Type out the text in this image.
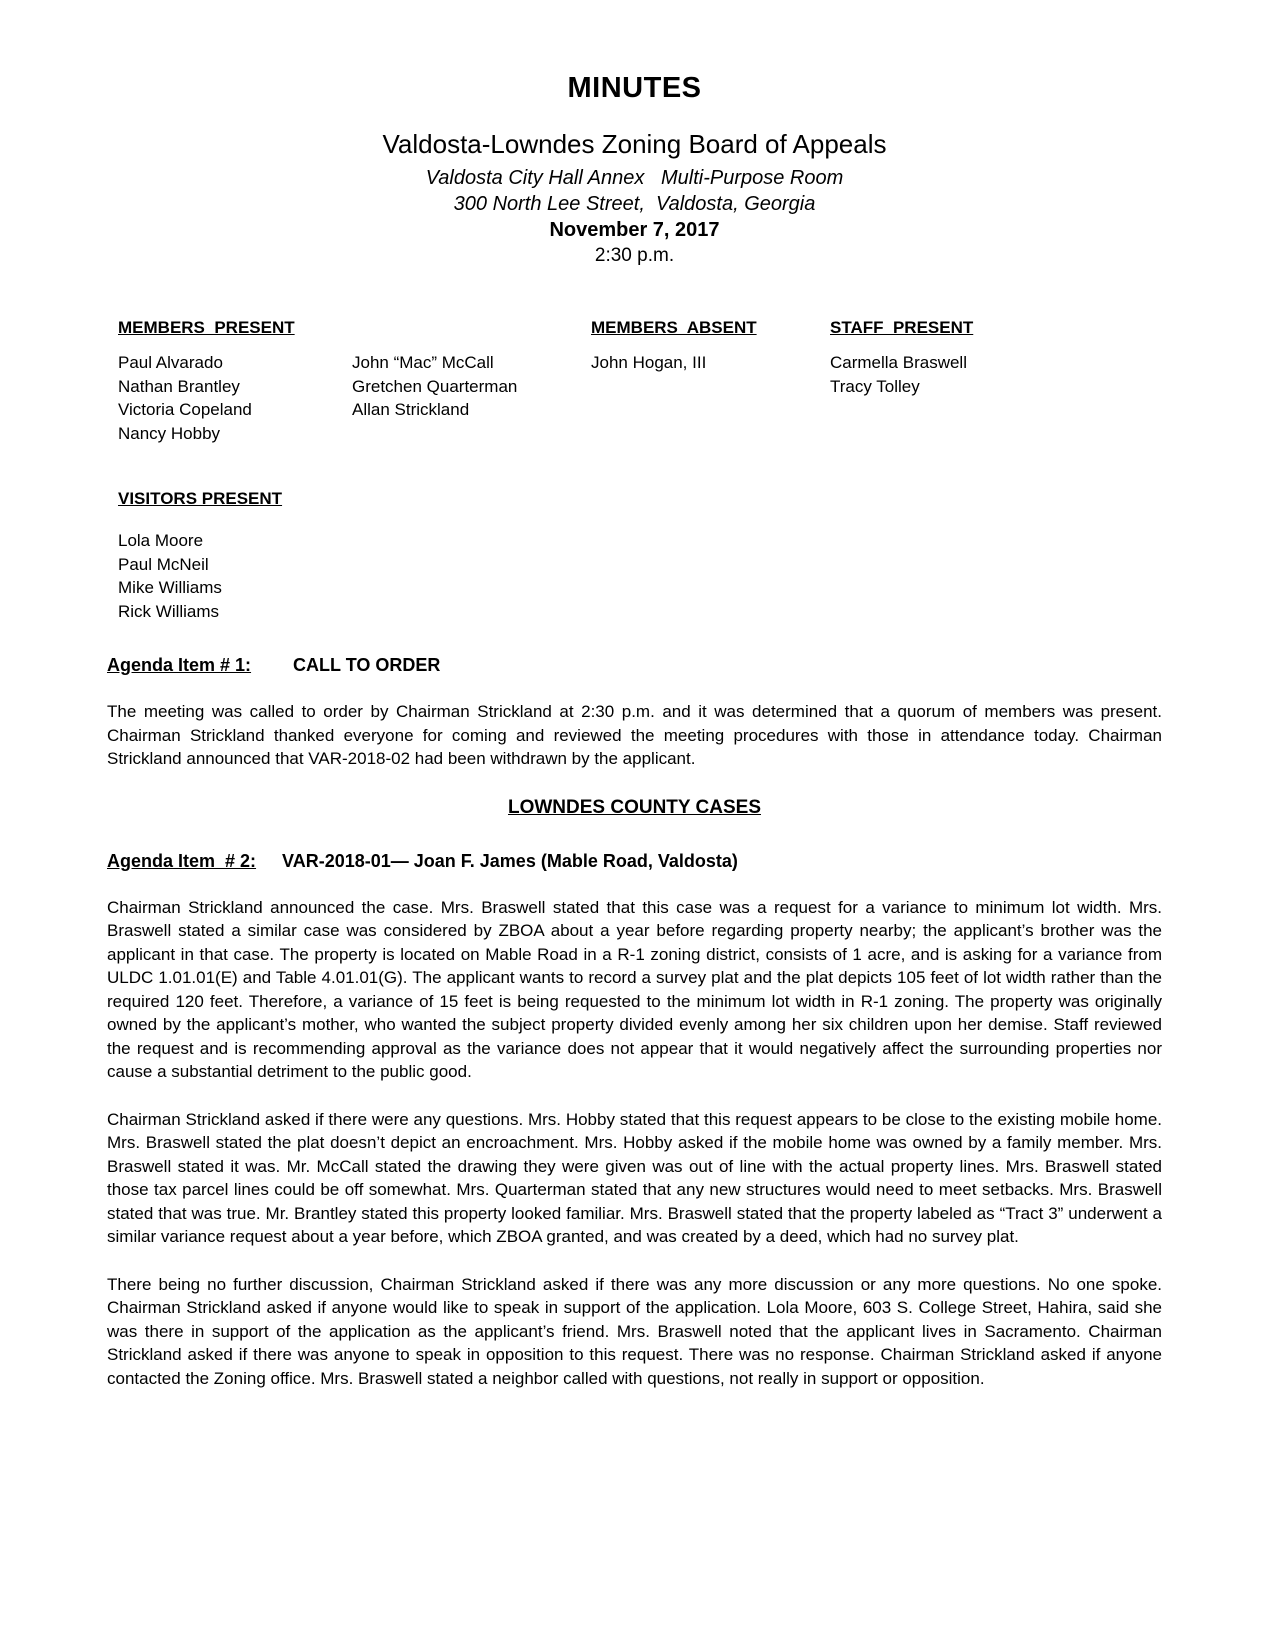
MINUTES
Valdosta-Lowndes Zoning Board of Appeals
Valdosta City Hall Annex   Multi-Purpose Room
300 North Lee Street,  Valdosta, Georgia
November 7, 2017
2:30 p.m.
MEMBERS  PRESENT
Paul Alvarado
Nathan Brantley
Victoria Copeland
Nancy Hobby
John “Mac” McCall
Gretchen Quarterman
Allan Strickland
MEMBERS  ABSENT
John Hogan, III
STAFF  PRESENT
Carmella Braswell
Tracy Tolley
VISITORS PRESENT
Lola Moore
Paul McNeil
Mike Williams
Rick Williams
Agenda Item # 1: CALL TO ORDER

The meeting was called to order by Chairman Strickland at 2:30 p.m. and it was determined that a quorum of members was present. Chairman Strickland thanked everyone for coming and reviewed the meeting procedures with those in attendance today. Chairman Strickland announced that VAR-2018-02 had been withdrawn by the applicant.

LOWNDES COUNTY CASES
Agenda Item  # 2: VAR-2018-01— Joan F. James (Mable Road, Valdosta)

Chairman Strickland announced the case. Mrs. Braswell stated that this case was a request for a variance to minimum lot width. Mrs. Braswell stated a similar case was considered by ZBOA about a year before regarding property nearby; the applicant’s brother was the applicant in that case. The property is located on Mable Road in a R-1 zoning district, consists of 1 acre, and is asking for a variance from ULDC 1.01.01(E) and Table 4.01.01(G). The applicant wants to record a survey plat and the plat depicts 105 feet of lot width rather than the required 120 feet. Therefore, a variance of 15 feet is being requested to the minimum lot width in R-1 zoning. The property was originally owned by the applicant’s mother, who wanted the subject property divided evenly among her six children upon her demise. Staff reviewed the request and is recommending approval as the variance does not appear that it would negatively affect the surrounding properties nor cause a substantial detriment to the public good.

Chairman Strickland asked if there were any questions. Mrs. Hobby stated that this request appears to be close to the existing mobile home. Mrs. Braswell stated the plat doesn’t depict an encroachment. Mrs. Hobby asked if the mobile home was owned by a family member. Mrs. Braswell stated it was. Mr. McCall stated the drawing they were given was out of line with the actual property lines. Mrs. Braswell stated those tax parcel lines could be off somewhat. Mrs. Quarterman stated that any new structures would need to meet setbacks. Mrs. Braswell stated that was true. Mr. Brantley stated this property looked familiar. Mrs. Braswell stated that the property labeled as “Tract 3” underwent a similar variance request about a year before, which ZBOA granted, and was created by a deed, which had no survey plat.

There being no further discussion, Chairman Strickland asked if there was any more discussion or any more questions. No one spoke. Chairman Strickland asked if anyone would like to speak in support of the application. Lola Moore, 603 S. College Street, Hahira, said she was there in support of the application as the applicant’s friend. Mrs. Braswell noted that the applicant lives in Sacramento. Chairman Strickland asked if there was anyone to speak in opposition to this request. There was no response. Chairman Strickland asked if anyone contacted the Zoning office. Mrs. Braswell stated a neighbor called with questions, not really in support or opposition.
